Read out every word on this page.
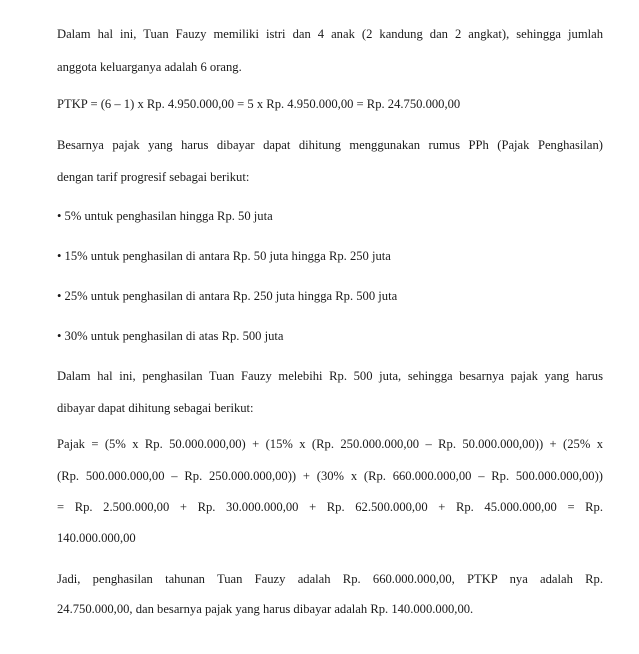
Dalam hal ini, Tuan Fauzy memiliki istri dan 4 anak (2 kandung dan 2 angkat), sehingga jumlah
anggota keluarganya adalah 6 orang.
PTKP = (6 – 1) x Rp. 4.950.000,00 = 5 x Rp. 4.950.000,00 = Rp. 24.750.000,00
Besarnya pajak yang harus dibayar dapat dihitung menggunakan rumus PPh (Pajak Penghasilan)
dengan tarif progresif sebagai berikut:
• 5% untuk penghasilan hingga Rp. 50 juta
• 15% untuk penghasilan di antara Rp. 50 juta hingga Rp. 250 juta
• 25% untuk penghasilan di antara Rp. 250 juta hingga Rp. 500 juta
• 30% untuk penghasilan di atas Rp. 500 juta
Dalam hal ini, penghasilan Tuan Fauzy melebihi Rp. 500 juta, sehingga besarnya pajak yang harus
dibayar dapat dihitung sebagai berikut:
Pajak = (5% x Rp. 50.000.000,00) + (15% x (Rp. 250.000.000,00 – Rp. 50.000.000,00)) + (25% x
(Rp. 500.000.000,00 – Rp. 250.000.000,00)) + (30% x (Rp. 660.000.000,00 – Rp. 500.000.000,00))
= Rp. 2.500.000,00 + Rp. 30.000.000,00 + Rp. 62.500.000,00 + Rp. 45.000.000,00 = Rp.
140.000.000,00
Jadi, penghasilan tahunan Tuan Fauzy adalah Rp. 660.000.000,00, PTKP nya adalah Rp.
24.750.000,00, dan besarnya pajak yang harus dibayar adalah Rp. 140.000.000,00.
